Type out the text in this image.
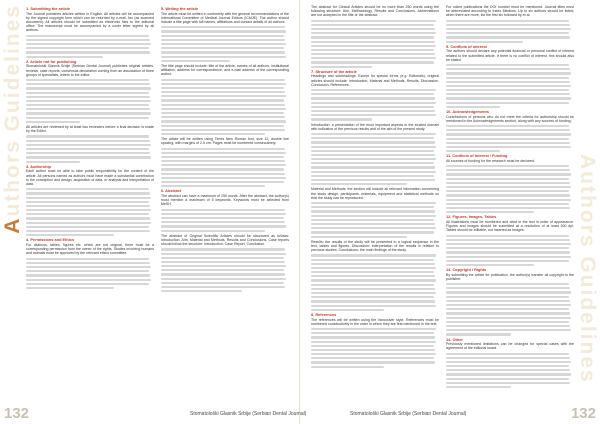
Authors Guidelines
Authors Guidelines
1. Submitting the article
The Journal publishes articles written in English. All articles will be accompanied by the signed copyright form which can be returned by e-mail, fax (as scanned document). All articles should be submitted as electronic files to the editorial office. The manuscript must be accompanied by a cover letter signed by all authors.
2. Article not for publishing
Stomatološki Glasnik Srbije (Serbian Dental Journal) publishes original articles, reviews, case reports, consensus declaration coming from an association of three groups of specialists, letters to the editor.
All articles are reviewed by at least two reviewers before a final decision is made by the Editor.
3. Authorship
Each author must be able to take public responsibility for the content of the article. All persons named as authors must have made a substantial contribution to the conception and design, acquisition of data, or analysis and interpretation of data.
4. Permissions and Ethics
For citations, tables, figures etc. which are not original, there must be a corresponding permission from the owner of the rights. Studies involving humans and animals must be approved by the relevant ethics committee.
5. Writing the article
The article must be written in conformity with the general recommendations of the International Committee of Medical Journal Editors (ICMJE). The author should include a title page with full names, affiliations and contact details of all authors.
The title page should include: title of the article, names of all authors, institutional affiliation, address for correspondence, and e-mail address of the corresponding author.
The article will be written using Times New Roman font, size 12, double line spacing, with margins of 2.5 cm. Pages must be numbered consecutively.
6. Abstract
The abstract can have a maximum of 250 words. After the abstract, the author(s) must mention a maximum of 5 keywords. Keywords must be selected from MeSH.
The abstract of Original Scientific Articles should be structured as follows: Introduction, Aim, Material and Methods, Results and Conclusions. Case reports should follow the structure: Introduction, Case Report, Conclusion.
The abstract for Clinical Articles should be no more than 250 words using the following structure: Aim, Methodology, Results and Conclusions. Abbreviations are not accepted in the title or the abstract.
7. Structure of the article
Headings and subheadings: Except for special forms (e.g. Editorials), original articles should include: Introduction, Material and Methods, Results, Discussion, Conclusion, References.
Introduction: a presentation of the most important aspects in the studied domain with indication of the previous results and of the aim of the present study.
Material and Methods: the section will include all relevant information concerning the study design, participants, materials, equipment and statistical methods so that the study can be reproduced.
Results: the results of the study will be presented in a logical sequence in the text, tables and figures. Discussion: interpretation of the results in relation to previous studies. Conclusions: the main findings of the study.
8. References
The references will be written using the Vancouver style. References must be numbered consecutively in the order in which they are first mentioned in the text.
For online publications the DOI number must be mentioned. Journal titles must be abbreviated according to Index Medicus. Up to six authors should be listed; when there are more, list the first six followed by et al.
9. Conflicts of interest
The authors should declare any potential financial or personal conflict of interest related to the submitted article. If there is no conflict of interest, this should also be stated.
10. Acknowledgements
Contributions of persons who do not meet the criteria for authorship should be mentioned in the Acknowledgements section, along with any sources of funding.
11. Conflicts of Interest / Funding
All sources of funding for the research must be declared.
12. Figures, Images, Tables
All illustrations must be numbered and cited in the text in order of appearance. Figures and images should be submitted at a resolution of at least 300 dpi. Tables should be editable, not inserted as images.
13. Copyright / Rights
By submitting the article for publication, the author(s) transfer all copyright to the publisher.
14. Other
Previously mentioned limitations can be changed for special cases with the agreement of the editorial board.
132	132
Stomatološki Glasnik Srbije (Serbian Dental Journal)	Stomatološki Glasnik Srbije (Serbian Dental Journal)
